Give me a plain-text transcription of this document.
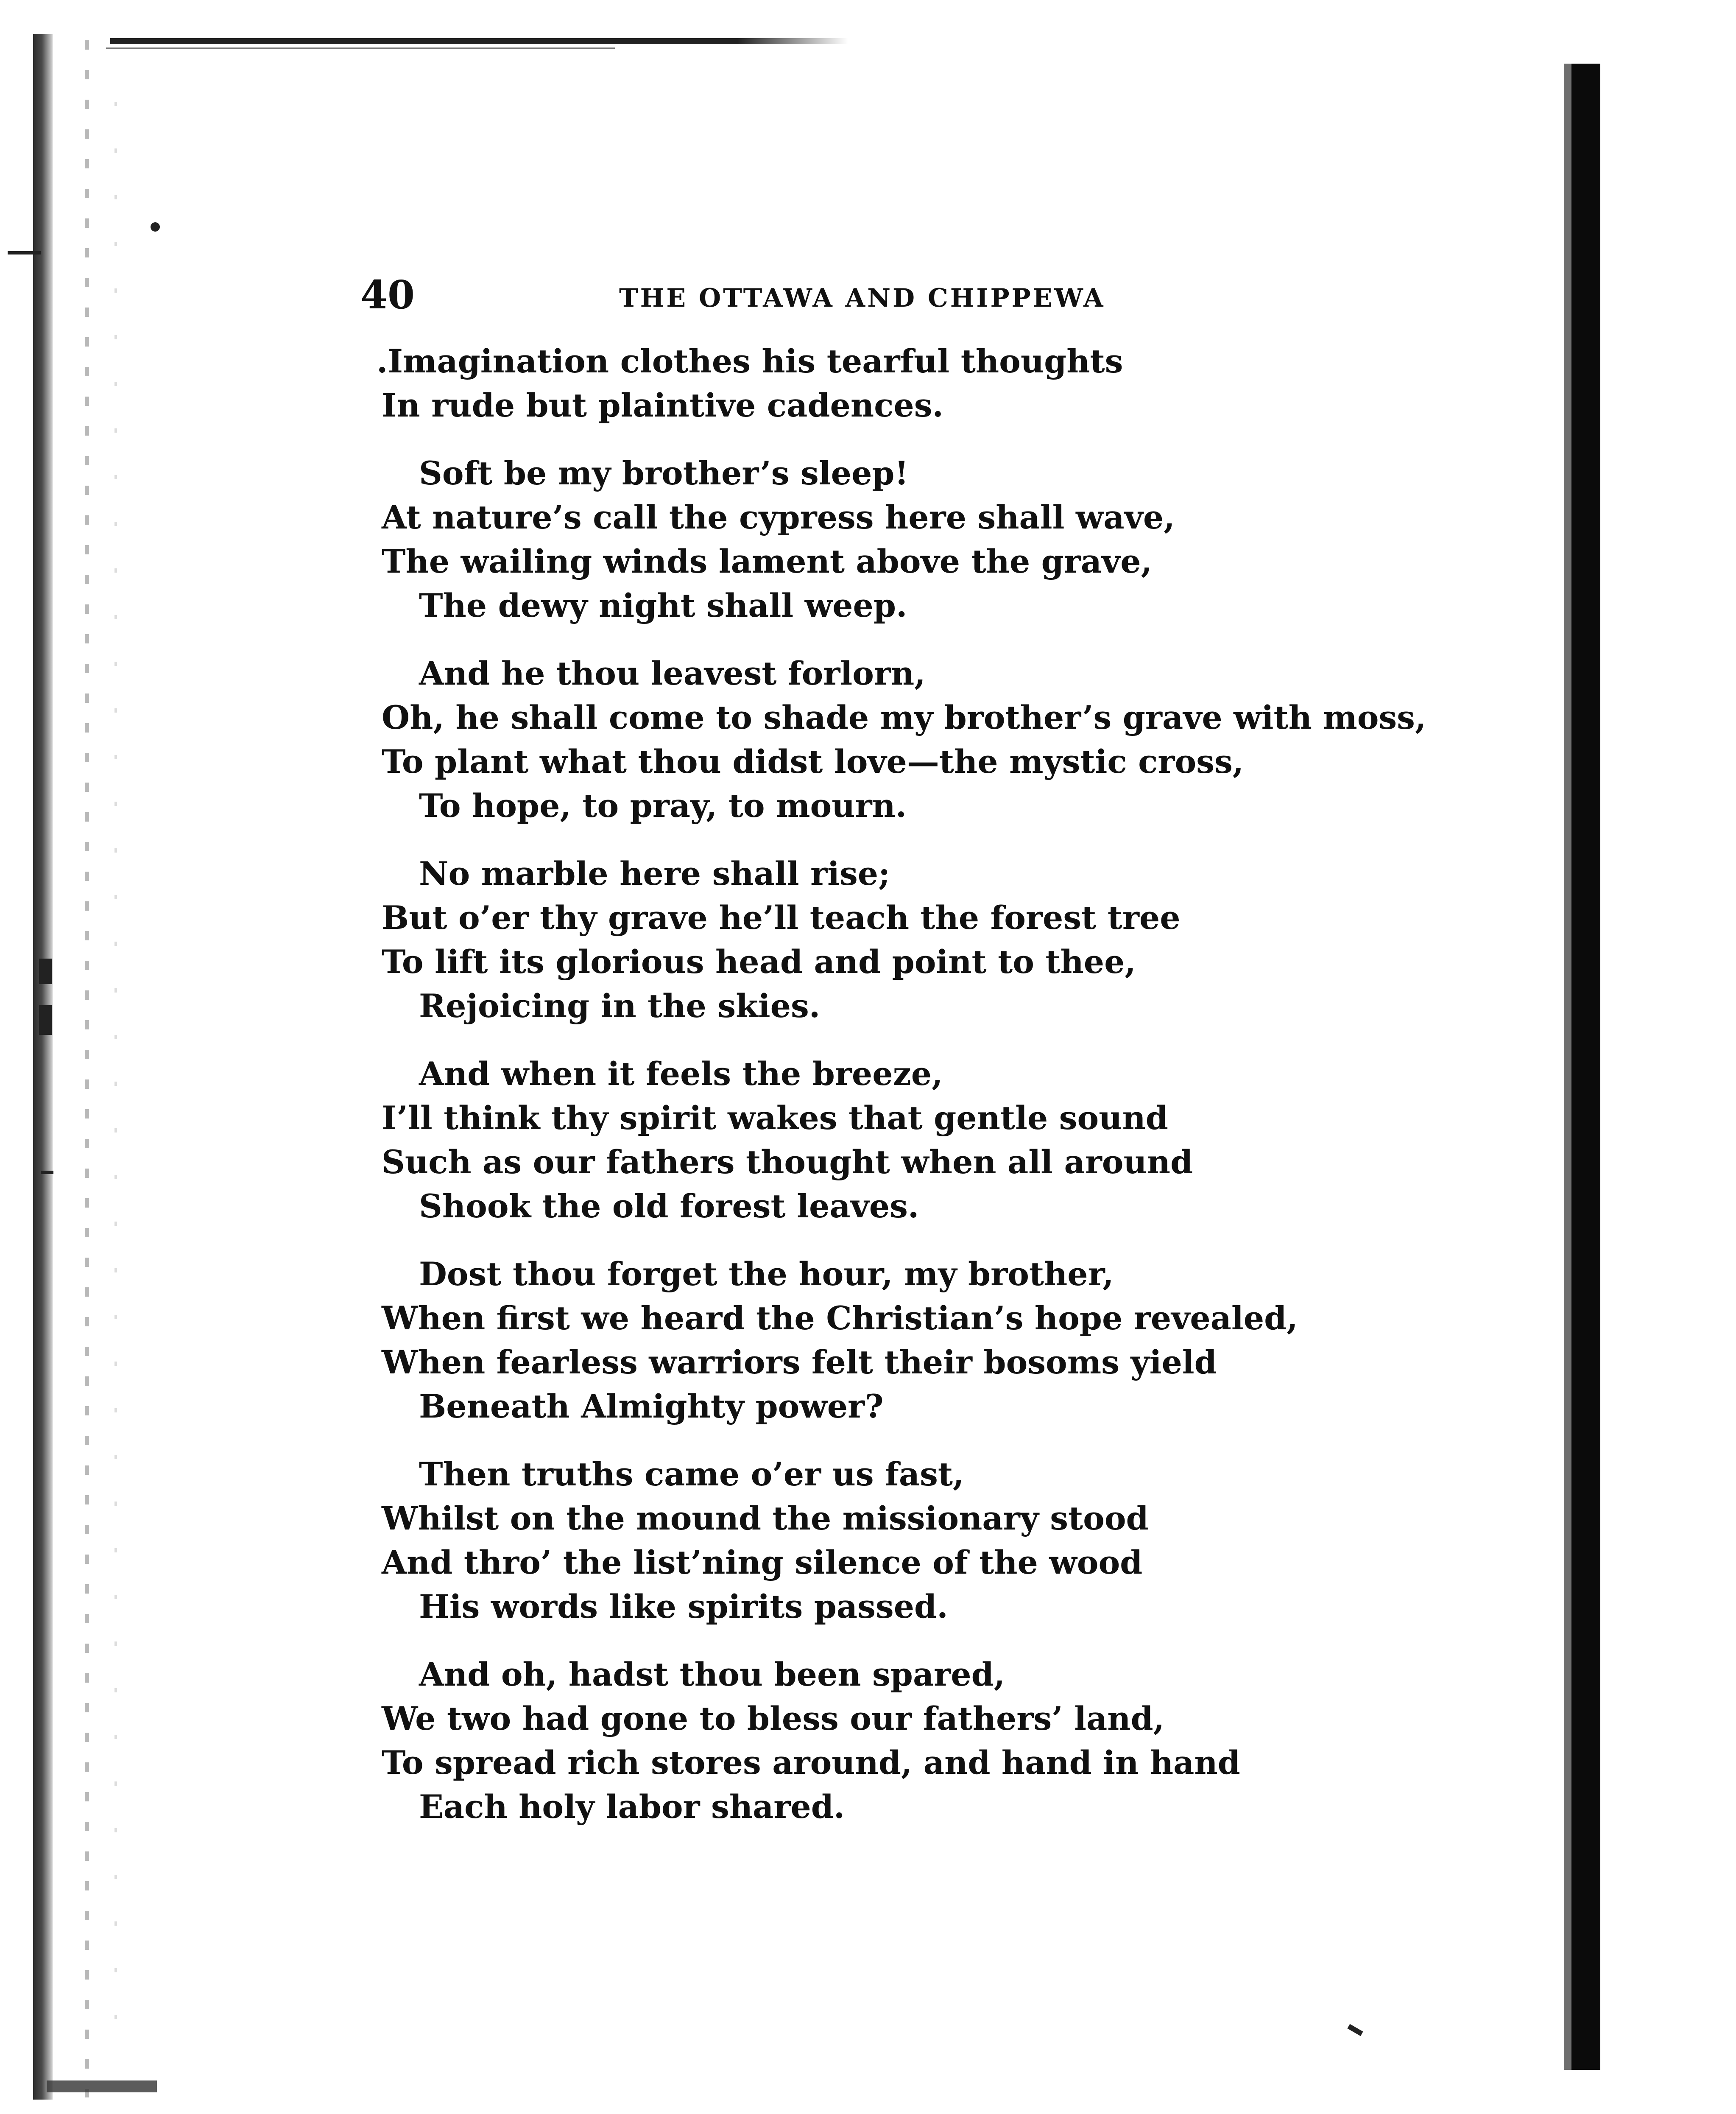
40	THE OTTAWA AND CHIPPEWA
.Imagination clothes his tearful thoughts
In rude but plaintive cadences.
Soft be my brother’s sleep!
At nature’s call the cypress here shall wave,
The wailing winds lament above the grave,
The dewy night shall weep.
And he thou leavest forlorn,
Oh, he shall come to shade my brother’s grave with moss,
To plant what thou didst love—the mystic cross,
To hope, to pray, to mourn.
No marble here shall rise;
But o’er thy grave he’ll teach the forest tree
To lift its glorious head and point to thee,
Rejoicing in the skies.
And when it feels the breeze,
I’ll think thy spirit wakes that gentle sound
Such as our fathers thought when all around
Shook the old forest leaves.
Dost thou forget the hour, my brother,
When first we heard the Christian’s hope revealed,
When fearless warriors felt their bosoms yield
Beneath Almighty power?
Then truths came o’er us fast,
Whilst on the mound the missionary stood
And thro’ the list’ning silence of the wood
His words like spirits passed.
And oh, hadst thou been spared,
We two had gone to bless our fathers’ land,
To spread rich stores around, and hand in hand
Each holy labor shared.
